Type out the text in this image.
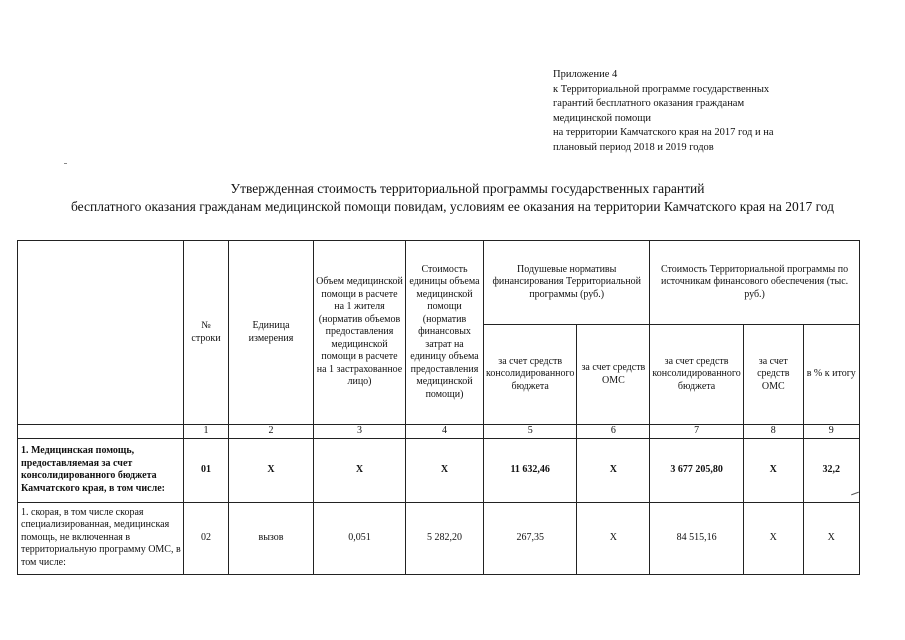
Приложение 4
к Территориальной программе государственных
гарантий бесплатного оказания гражданам
медицинской помощи
на территории Камчатского края на 2017 год и на
плановый период 2018 и 2019 годов
Утвержденная стоимость территориальной программы государственных гарантий
бесплатного оказания гражданам медицинской помощи повидам, условиям ее оказания на территории Камчатского края на 2017 год
	№ строки	Единица измерения	Объем медицинской помощи в расчете на 1 жителя (норматив объемов предоставления медицинской помощи в расчете на 1 застрахованное лицо)	Стоимость единицы объема медицинской помощи (норматив финансовых затрат на единицу объема предоставления медицинской помощи)	Подушевые нормативы финансирования Территориальной программы (руб.)		Стоимость Территориальной программы по источникам финансового обеспечения (тыс. руб.)		
					за счет средств консолидированного бюджета	за счет средств ОМС	за счет средств консолидированного бюджета	за счет средств ОМС	в % к итогу
	1	2	3	4	5	6	7	8	9
1. Медицинская помощь, предоставляемая за счет консолидированного бюджета Камчатского края, в том числе:	01	Х	Х	Х	11 632,46	Х	3 677 205,80	Х	32,2
1. скорая, в том числе скорая специализированная, медицинская помощь, не включенная в территориальную программу ОМС, в том числе:	02	вызов	0,051	5 282,20	267,35	Х	84 515,16	Х	Х
